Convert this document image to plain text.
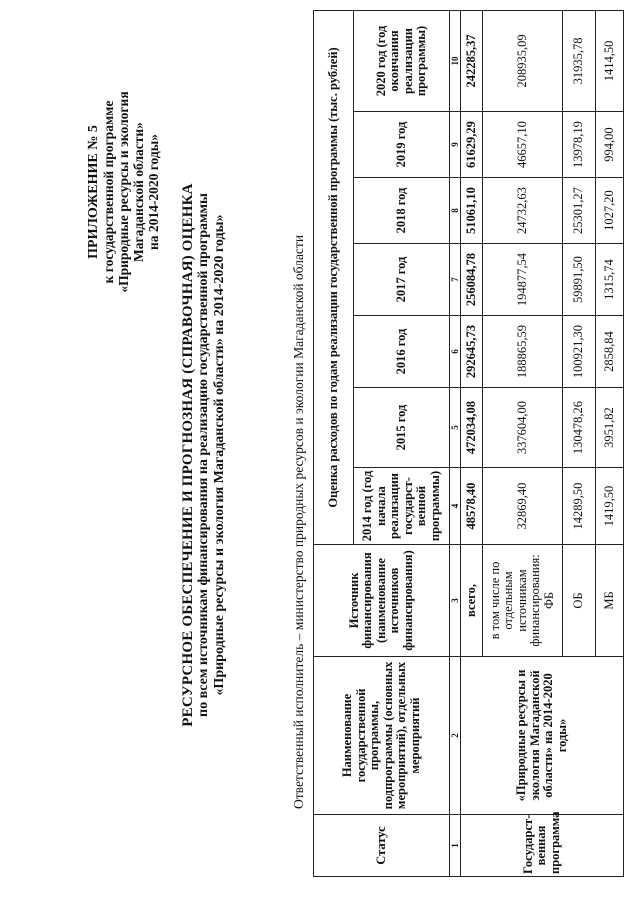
ПРИЛОЖЕНИЕ № 5 к государственной программе «Природные ресурсы и экология Магаданской области» на 2014-2020 годы» РЕСУРСНОЕ ОБЕСПЕЧЕНИЕ И ПРОГНОЗНАЯ (СПРАВОЧНАЯ) ОЦЕНКА по всем источникам финансирования на реализацию государственной программы «Природные ресурсы и экология Магаданской области» на 2014-2020 годы»	Ответственный исполнитель – министерство природных ресурсов и экологии Магаданской области
Статус	Наименование государственной программы, подпрограммы (основных мероприятий), отдельных мероприятий	Источник финансирования (наименование источников финансирования)	Оценка расходов по годам реализации государственной программы (тыс. рублей)						
			2014 год (год начала реализации государст-венной программы)	2015 год	2016 год	2017 год	2018 год	2019 год	2020 год (год окончания реализации программы)
1	2	3	4	5	6	7	8	9	10
Государст-венная программа	«Природные ресурсы и экология Магаданской области» на 2014-2020 годы»	всего,	48578,40	472034,08	292645,73	256084,78	51061,10	61629,29	242285,37
		в том числе по отдельным источникам финансирования: ФБ	32869,40	337604,00	188865,59	194877,54	24732,63	46657,10	208935,09
		ОБ	14289,50	130478,26	100921,30	59891,50	25301,27	13978,19	31935,78
		МБ	1419,50	3951,82	2858,84	1315,74	1027,20	994,00	1414,50
